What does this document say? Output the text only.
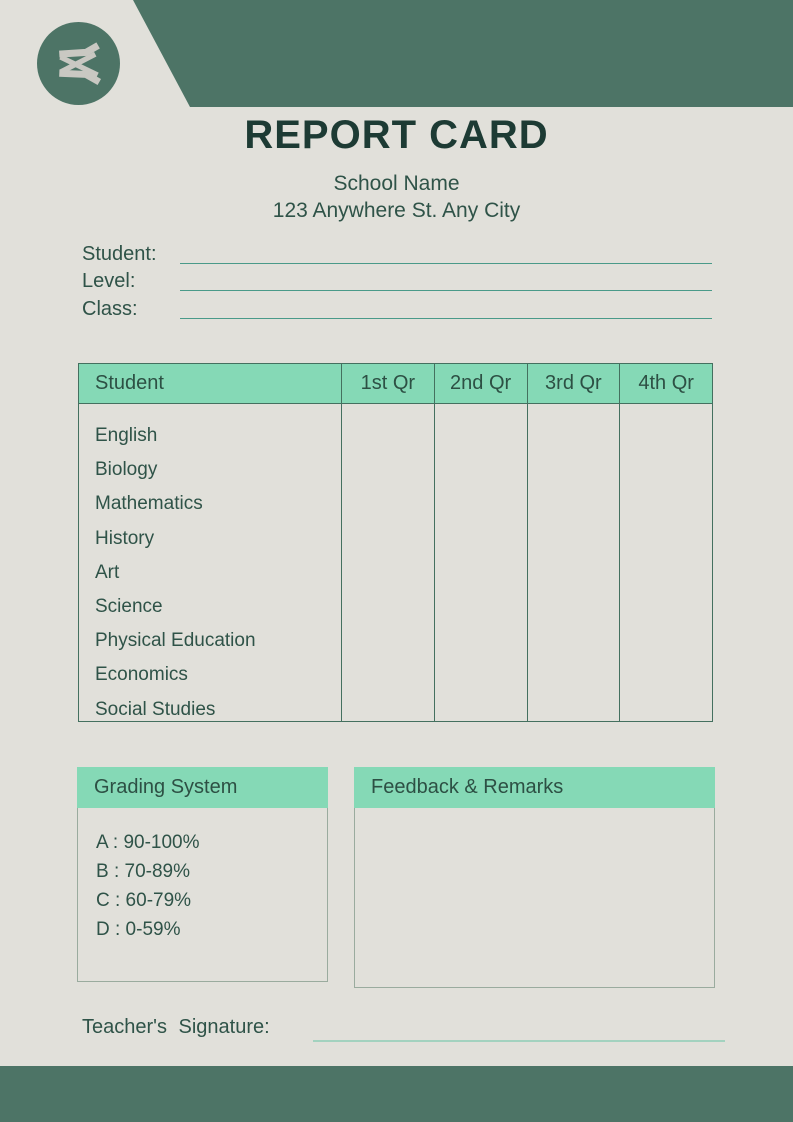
REPORT CARD
School Name
123 Anywhere St. Any City
Student:
Level:
Class:
Student	1st Qr	2nd Qr	3rd Qr	4th Qr
English
Biology
Mathematics
History
Art
Science
Physical Education
Economics
Social Studies
Grading System
A : 90-100%
B : 70-89%
C : 60-79%
D : 0-59%
Feedback & Remarks
Teacher's Signature:
